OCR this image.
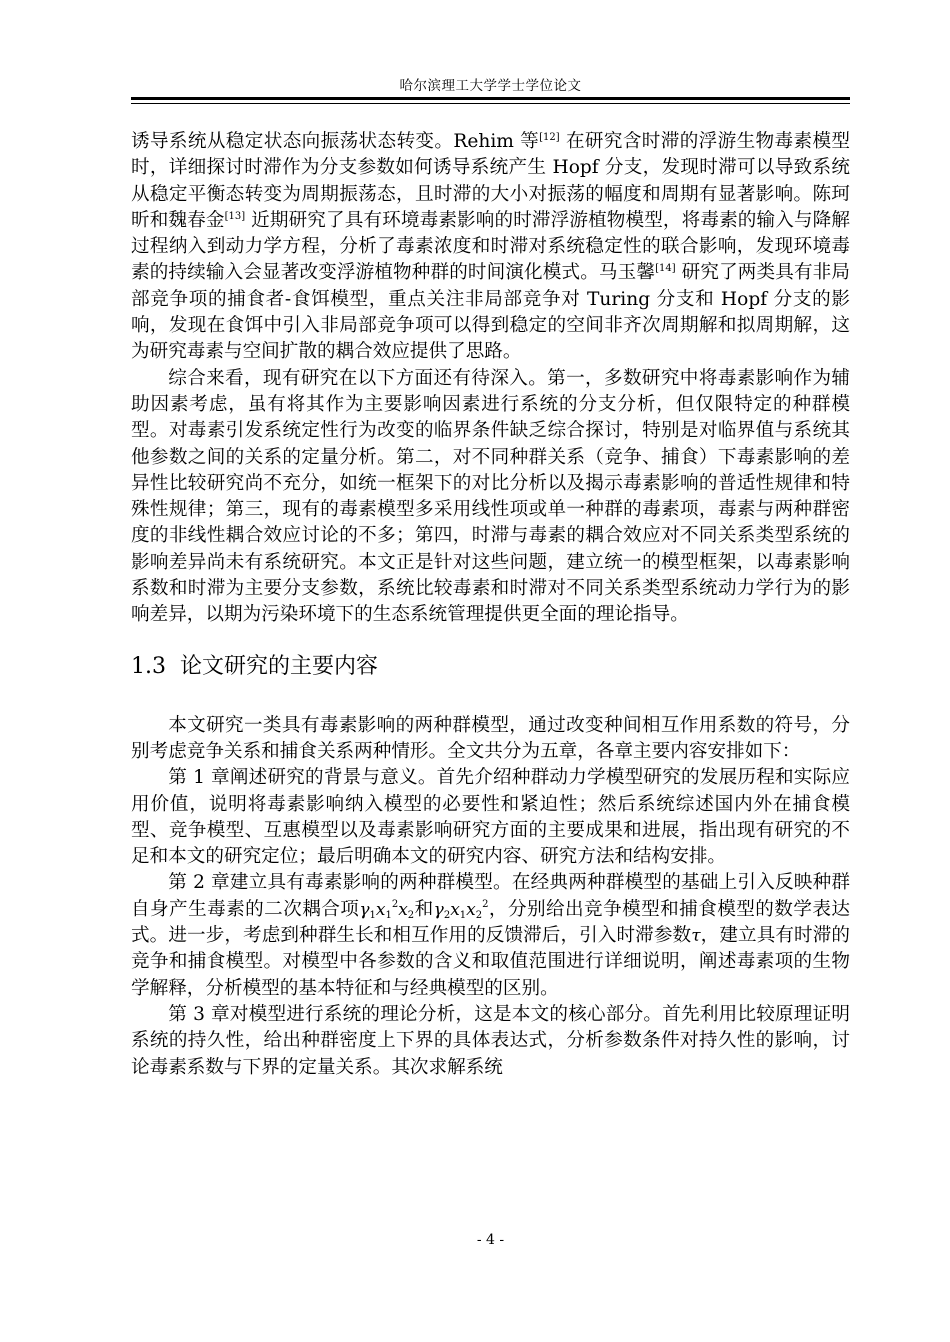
哈尔滨理工大学学士学位论文

诱导系统从稳定状态向振荡状态转变。Rehim 等[12] 在研究含时滞的浮游生物毒素模型时，详细探讨时滞作为分支参数如何诱导系统产生 Hopf 分支，发现时滞可以导致系统从稳定平衡态转变为周期振荡态，且时滞的大小对振荡的幅度和周期有显著影响。陈珂昕和魏春金[13] 近期研究了具有环境毒素影响的时滞浮游植物模型，将毒素的输入与降解过程纳入到动力学方程，分析了毒素浓度和时滞对系统稳定性的联合影响，发现环境毒素的持续输入会显著改变浮游植物种群的时间演化模式。马玉馨[14] 研究了两类具有非局部竞争项的捕食者-食饵模型，重点关注非局部竞争对 Turing 分支和 Hopf 分支的影响，发现在食饵中引入非局部竞争项可以得到稳定的空间非齐次周期解和拟周期解，这为研究毒素与空间扩散的耦合效应提供了思路。

综合来看，现有研究在以下方面还有待深入。第一，多数研究中将毒素影响作为辅助因素考虑，虽有将其作为主要影响因素进行系统的分支分析，但仅限特定的种群模型。对毒素引发系统定性行为改变的临界条件缺乏综合探讨，特别是对临界值与系统其他参数之间的关系的定量分析。第二，对不同种群关系（竞争、捕食）下毒素影响的差异性比较研究尚不充分，如统一框架下的对比分析以及揭示毒素影响的普适性规律和特殊性规律；第三，现有的毒素模型多采用线性项或单一种群的毒素项，毒素与两种群密度的非线性耦合效应讨论的不多；第四，时滞与毒素的耦合效应对不同关系类型系统的影响差异尚未有系统研究。本文正是针对这些问题，建立统一的模型框架，以毒素影响系数和时滞为主要分支参数，系统比较毒素和时滞对不同关系类型系统动力学行为的影响差异，以期为污染环境下的生态系统管理提供更全面的理论指导。

1.3 论文研究的主要内容

本文研究一类具有毒素影响的两种群模型，通过改变种间相互作用系数的符号，分别考虑竞争关系和捕食关系两种情形。全文共分为五章，各章主要内容安排如下：

第 1 章阐述研究的背景与意义。首先介绍种群动力学模型研究的发展历程和实际应用价值，说明将毒素影响纳入模型的必要性和紧迫性；然后系统综述国内外在捕食模型、竞争模型、互惠模型以及毒素影响研究方面的主要成果和进展，指出现有研究的不足和本文的研究定位；最后明确本文的研究内容、研究方法和结构安排。

第 2 章建立具有毒素影响的两种群模型。在经典两种群模型的基础上引入反映种群自身产生毒素的二次耦合项$\gamma_1x_1^2x_2$和$\gamma_2x_1x_2^2$，分别给出竞争模型和捕食模型的数学表达式。进一步，考虑到种群生长和相互作用的反馈滞后，引入时滞参数τ，建立具有时滞的竞争和捕食模型。对模型中各参数的含义和取值范围进行详细说明，阐述毒素项的生物学解释，分析模型的基本特征和与经典模型的区别。

第 3 章对模型进行系统的理论分析，这是本文的核心部分。首先利用比较原理证明系统的持久性，给出种群密度上下界的具体表达式，分析参数条件对持久性的影响，讨论毒素系数与下界的定量关系。其次求解系统

- 4 -
